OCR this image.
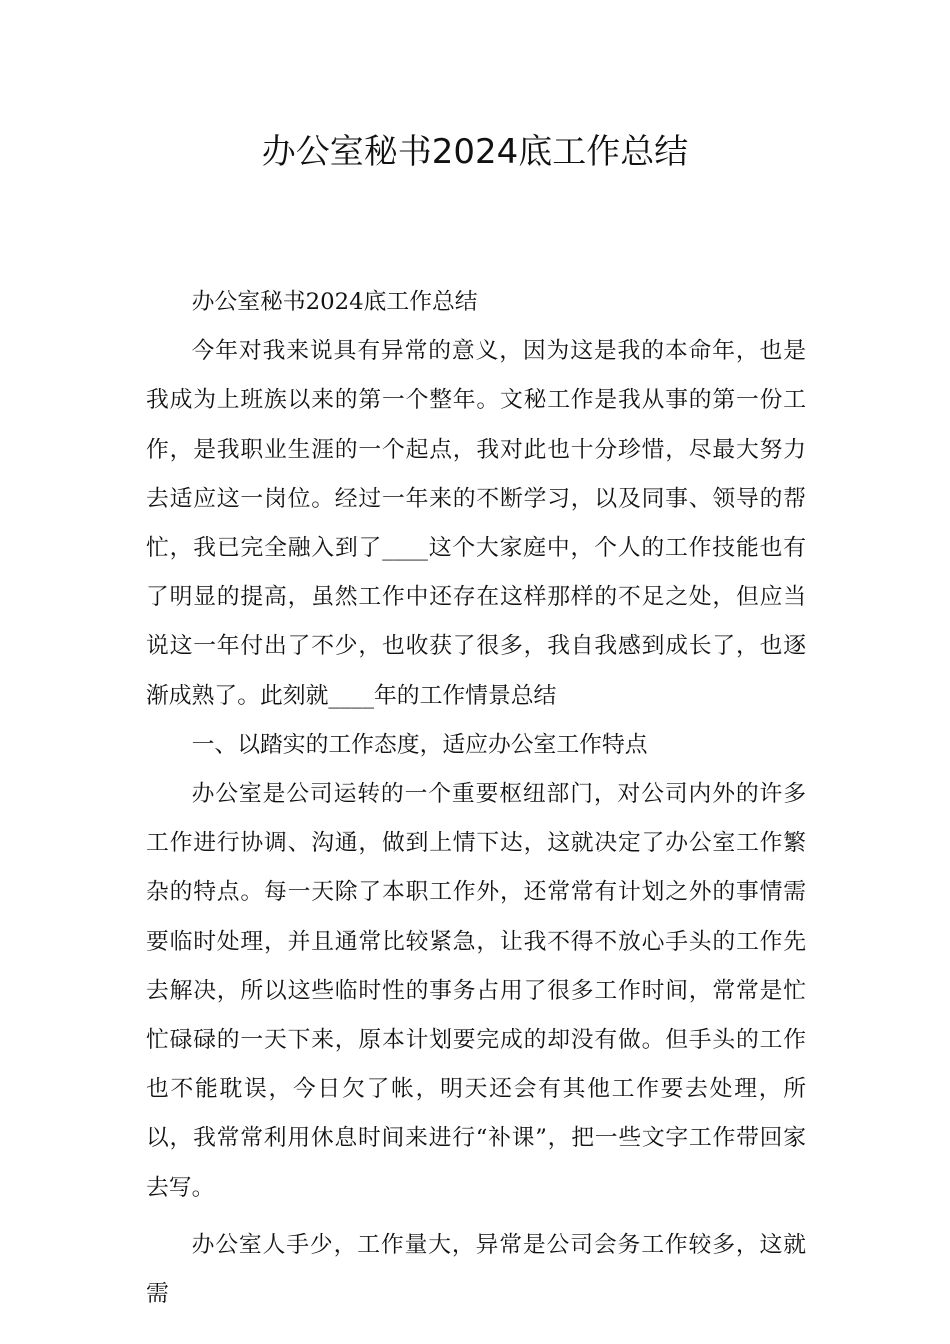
办公室秘书2024底工作总结

办公室秘书2024底工作总结

今年对我来说具有异常的意义，因为这是我的本命年，也是我成为上班族以来的第一个整年。文秘工作是我从事的第一份工作，是我职业生涯的一个起点，我对此也十分珍惜，尽最大努力去适应这一岗位。经过一年来的不断学习，以及同事、领导的帮忙，我已完全融入到了____这个大家庭中，个人的工作技能也有了明显的提高，虽然工作中还存在这样那样的不足之处，但应当说这一年付出了不少，也收获了很多，我自我感到成长了，也逐渐成熟了。此刻就____年的工作情景总结

一、以踏实的工作态度，适应办公室工作特点

办公室是公司运转的一个重要枢纽部门，对公司内外的许多工作进行协调、沟通，做到上情下达，这就决定了办公室工作繁杂的特点。每一天除了本职工作外，还常常有计划之外的事情需要临时处理，并且通常比较紧急，让我不得不放心手头的工作先去解决，所以这些临时性的事务占用了很多工作时间，常常是忙忙碌碌的一天下来，原本计划要完成的却没有做。但手头的工作也不能耽误，今日欠了帐，明天还会有其他工作要去处理，所以，我常常利用休息时间来进行“补课”，把一些文字工作带回家去写。

办公室人手少，工作量大，异常是公司会务工作较多，这就需
